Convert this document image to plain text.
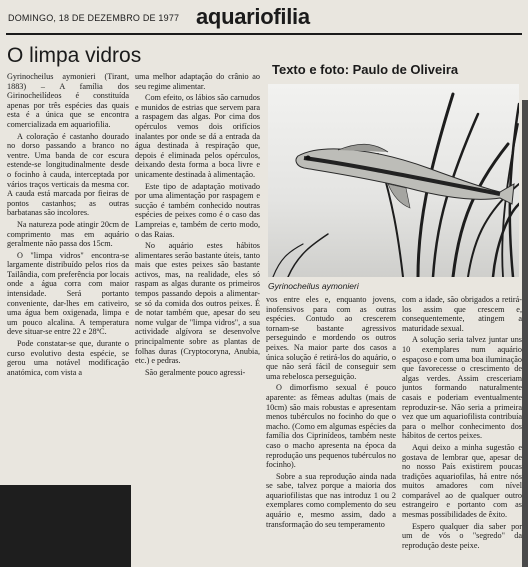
DOMINGO, 18 DE DEZEMBRO DE 1977 aquariofilia
O limpa vidros
Texto e foto: Paulo de Oliveira

Gyrinocheilus aymonieri (Tirant, 1883) – A família dos Girinocheilídeos é constituída apenas por três espécies das quais esta é a única que se encontra comercializada em aquariofilia.

A coloração é castanho dourado no dorso passando a branco no ventre. Uma banda de cor escura estende-se longitudinalmente desde o focinho à cauda, interceptada por vários traços verticais da mesma cor. A cauda está marcada por fieiras de pontos castanhos; as outras barbatanas são incolores.

Na natureza pode atingir 20cm de comprimento mas em aquário geralmente não passa dos 15cm.

O "limpa vidros" encontra-se largamente distribuído pelos rios da Tailândia, com preferência por locais onde a água corra com maior intensidade. Será portanto conveniente, dar-lhes em cativeiro, uma água bem oxigenada, limpa e um pouco alcalina. A temperatura deve situar-se entre 22 e 28ºC.

Pode constatar-se que, durante o curso evolutivo desta espécie, se gerou uma notável modificação anatómica, com vista a

uma melhor adaptação do crânio ao seu regime alimentar.

Com efeito, os lábios são carnudos e munidos de estrias que servem para a raspagem das algas. Por cima dos opérculos vemos dois orifícios inalantes por onde se dá a entrada da água destinada à respiração que, depois é eliminada pelos opérculos, deixando desta forma a boca livre e unicamente destinada à alimentação.

Este tipo de adaptação motivado por uma alimentação por raspagem e sucção é também conhecido noutras espécies de peixes como é o caso das Lampreias e, também de certo modo, o das Raias.

No aquário estes hábitos alimentares serão bastante úteis, tanto mais que estes peixes são bastante activos, mas, na realidade, eles só raspam as algas durante os primeiros tempos passando depois a alimentar-se só da comida dos outros peixes. É de notar também que, apesar do seu nome vulgar de "limpa vidros", a sua actividade algívora se desenvolve principalmente sobre as plantas de folhas duras (Cryptocoryna, Anubia, etc.) e pedras.

São geralmente pouco agressi-

Gyrinocheilus aymonieri

vos entre eles e, enquanto jovens, inofensivos para com as outras espécies. Contudo ao crescerem tornam-se bastante agressivos perseguindo e mordendo os outros peixes. Na maior parte dos casos a única solução é retirá-los do aquário, o que não será fácil de conseguir sem uma rebelosca perseguição.

O dimorfismo sexual é pouco aparente: as fêmeas adultas (mais de 10cm) são mais robustas e apresentam menos tubérculos no focinho do que o macho. (Como em algumas espécies da família dos Ciprinídeos, também neste caso o macho apresenta na época da reprodução uns pequenos tubérculos no focinho).

Sobre a sua reprodução ainda nada se sabe, talvez porque a maioria dos aquariofilistas que nas introduz 1 ou 2 exemplares como complemento do seu aquário e, mesmo assim, dado a transformação do seu temperamento

com a idade, são obrigados a retirá-los assim que crescem e, consequentemente, atingem a maturidade sexual.

A solução seria talvez juntar uns 10 exemplares num aquário espaçoso e com uma boa iluminação que favorecesse o crescimento de algas verdes. Assim cresceriam juntos formando naturalmente casais e poderiam eventualmente reproduzir-se. Não seria a primeira vez que um aquariofilista contribuía para o melhor conhecimento dos hábitos de certos peixes.

Aqui deixo a minha sugestão e gostava de lembrar que, apesar de no nosso País existirem poucas tradições aquariofilas, há entre nós muitos amadores com nível comparável ao de qualquer outro estrangeiro e portanto com as mesmas possibilidades de êxito.

Espero qualquer dia saber por um de vós o "segredo" da reprodução deste peixe.
